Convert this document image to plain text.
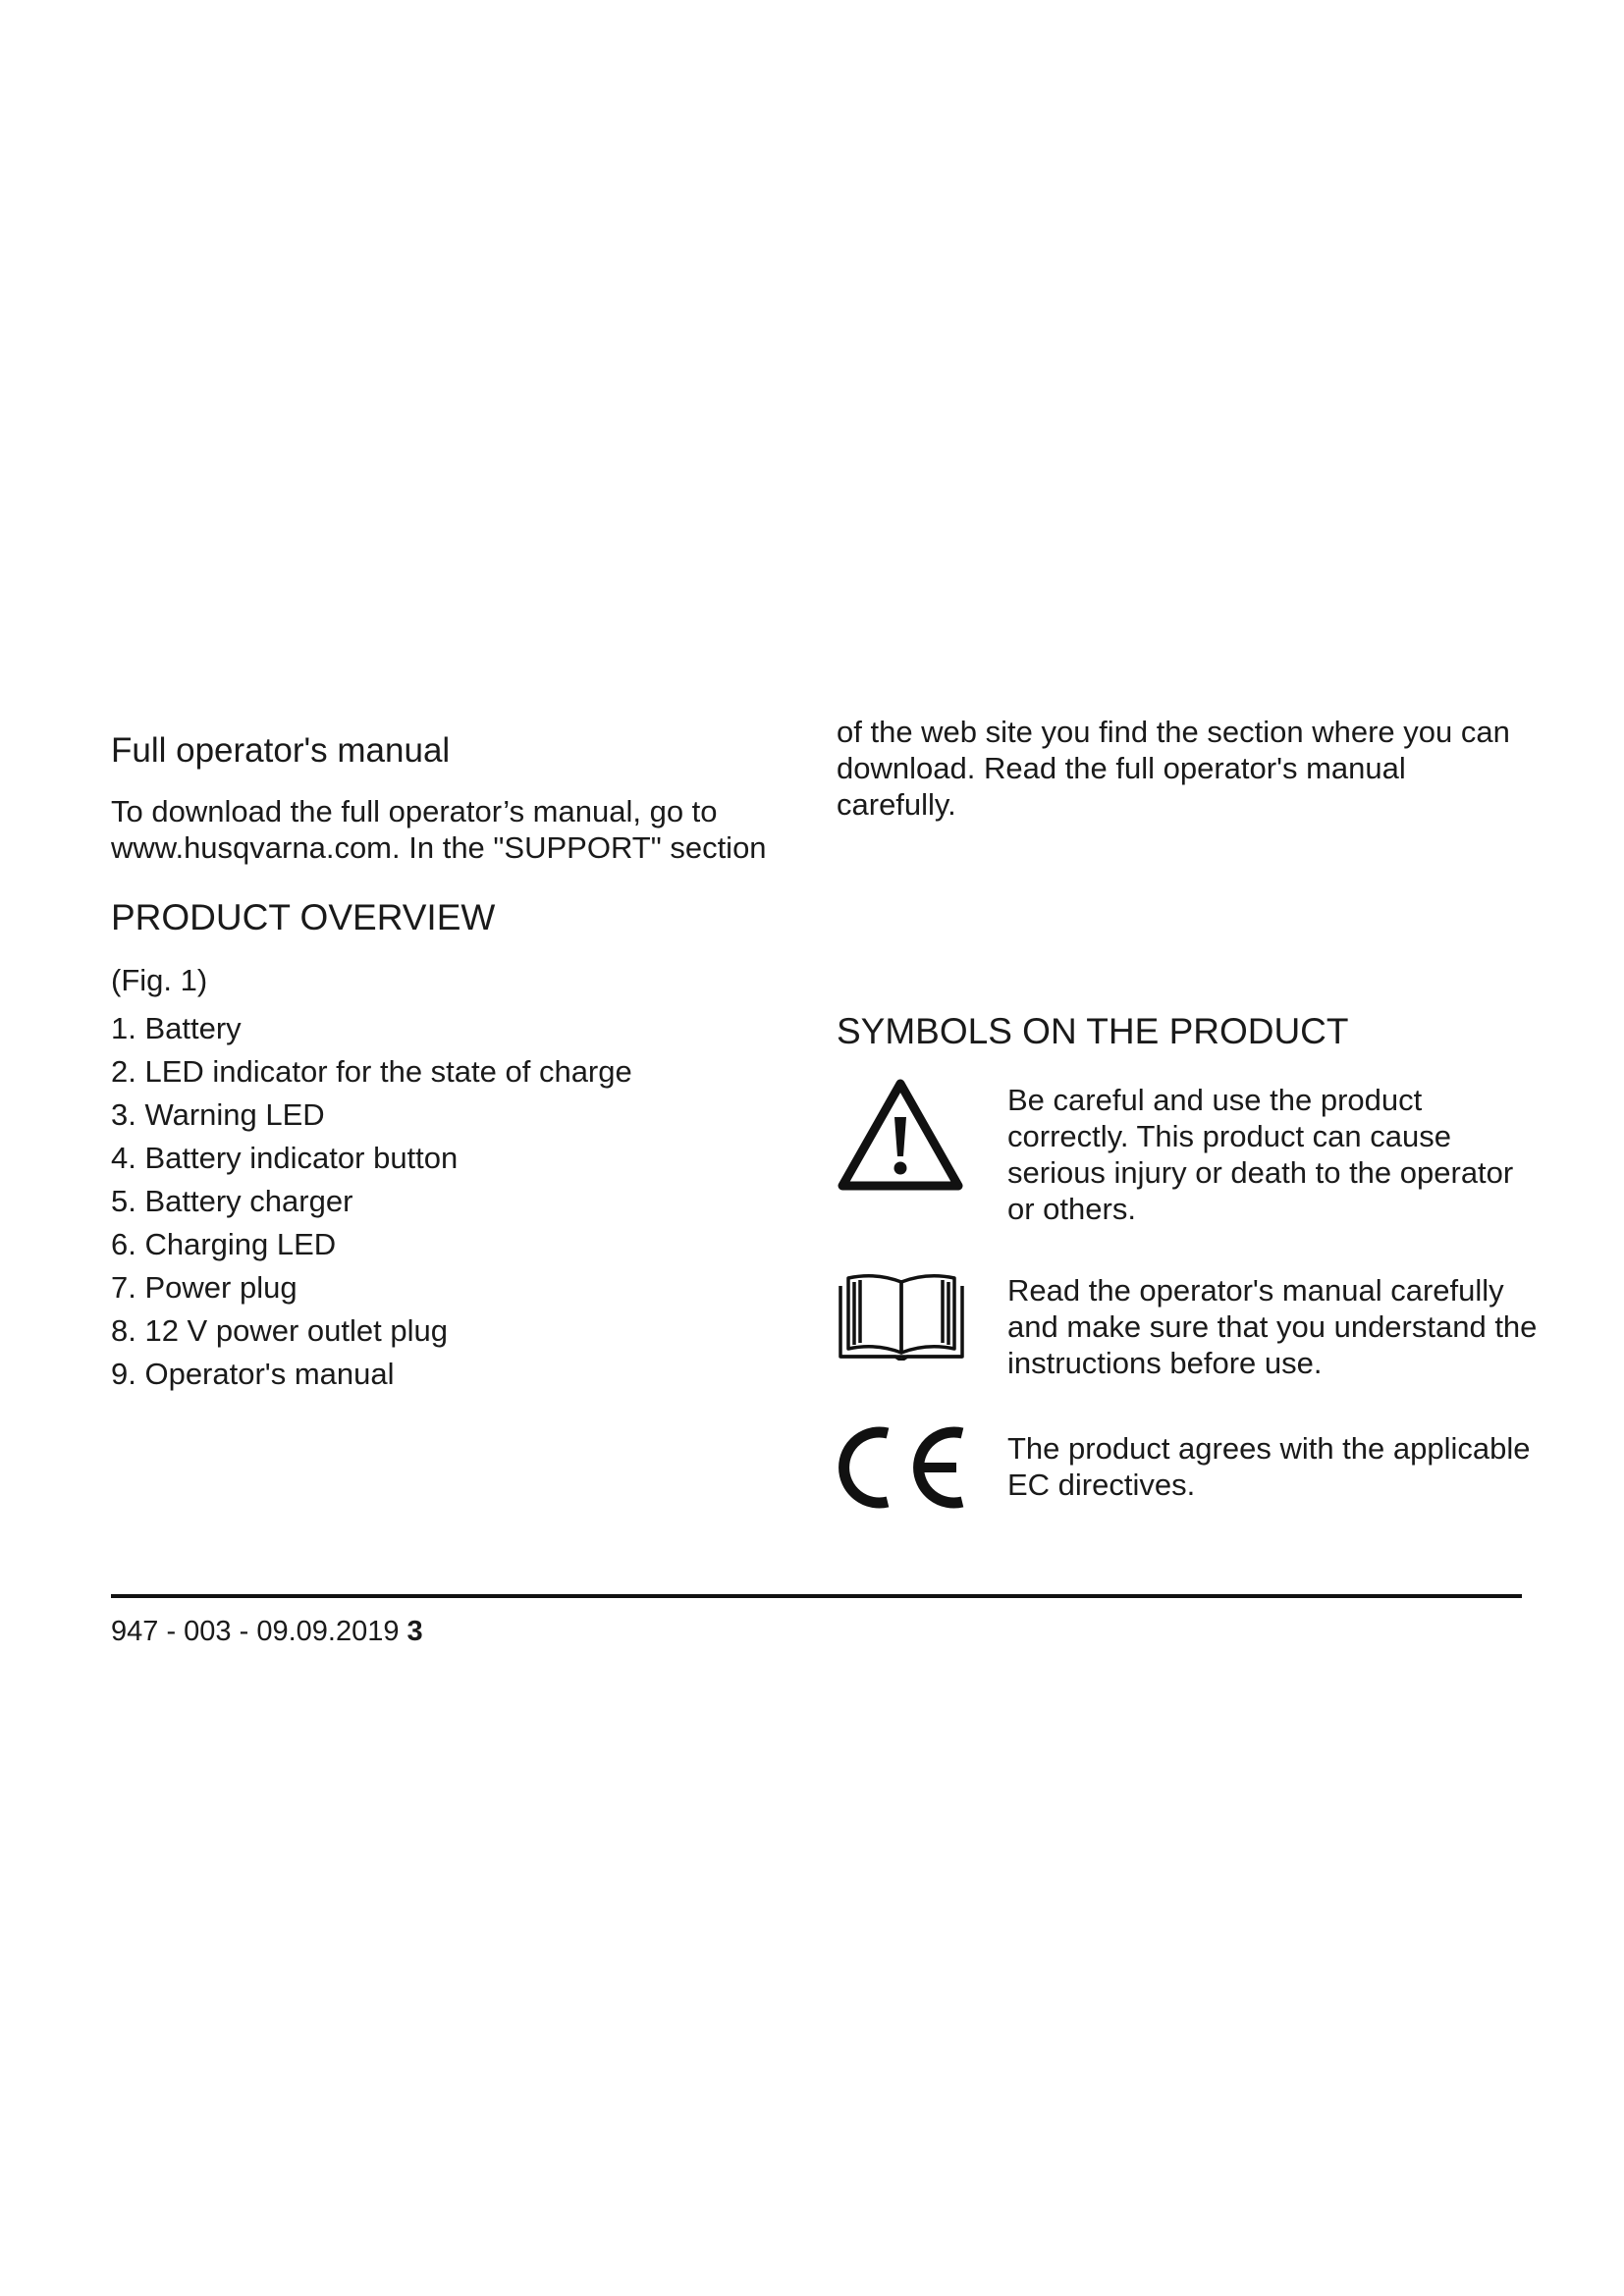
Full operator's manual
To download the full operator’s manual, go to www.husqvarna.com. In the "SUPPORT" section
PRODUCT OVERVIEW
(Fig. 1)
1. Battery
2. LED indicator for the state of charge
3. Warning LED
4. Battery indicator button
5. Battery charger
6. Charging LED
7. Power plug
8. 12 V power outlet plug
9. Operator's manual
of the web site you find the section where you can download. Read the full operator's manual carefully.
SYMBOLS ON THE PRODUCT
Be careful and use the product correctly. This product can cause serious injury or death to the operator or others.
Read the operator's manual carefully and make sure that you understand the instructions before use.
The product agrees with the applicable EC directives.
947 - 003 - 09.09.2019 3
